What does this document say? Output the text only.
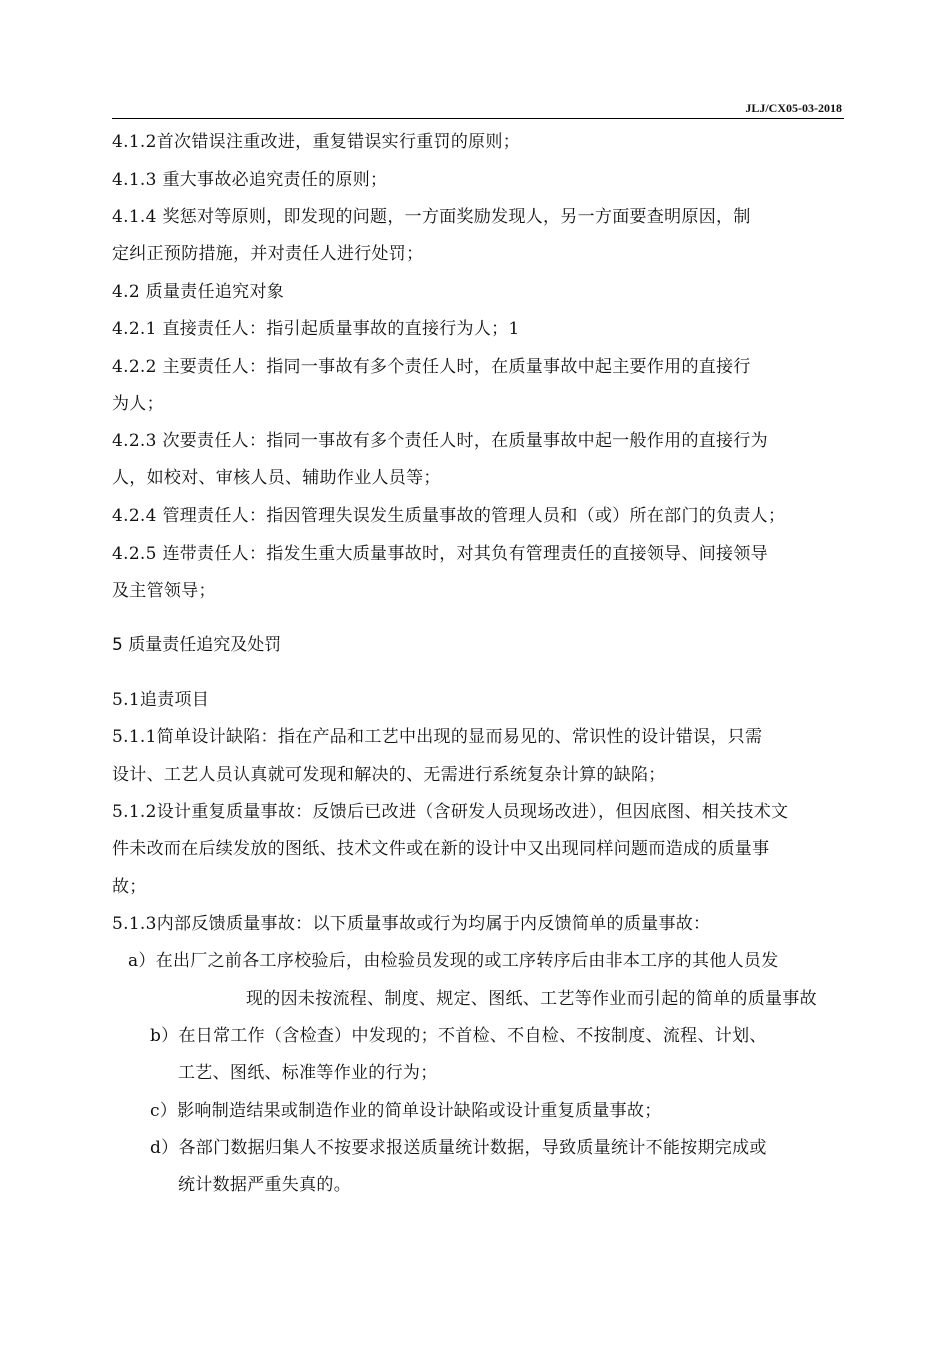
JLJ/CX05-03-2018
4.1.2首次错误注重改进，重复错误实行重罚的原则；
4.1.3 重大事故必追究责任的原则；
4.1.4 奖惩对等原则，即发现的问题，一方面奖励发现人，另一方面要查明原因，制
定纠正预防措施，并对责任人进行处罚；
4.2 质量责任追究对象
4.2.1 直接责任人：指引起质量事故的直接行为人；1
4.2.2 主要责任人：指同一事故有多个责任人时，在质量事故中起主要作用的直接行
为人；
4.2.3 次要责任人：指同一事故有多个责任人时，在质量事故中起一般作用的直接行为
人，如校对、审核人员、辅助作业人员等；
4.2.4 管理责任人：指因管理失误发生质量事故的管理人员和（或）所在部门的负责人；
4.2.5 连带责任人：指发生重大质量事故时，对其负有管理责任的直接领导、间接领导
及主管领导；
5 质量责任追究及处罚
5.1追责项目
5.1.1简单设计缺陷：指在产品和工艺中出现的显而易见的、常识性的设计错误，只需
设计、工艺人员认真就可发现和解决的、无需进行系统复杂计算的缺陷；
5.1.2设计重复质量事故：反馈后已改进（含研发人员现场改进），但因底图、相关技术文
件未改而在后续发放的图纸、技术文件或在新的设计中又出现同样问题而造成的质量事
故；
5.1.3内部反馈质量事故：以下质量事故或行为均属于内反馈简单的质量事故：
a）在出厂之前各工序校验后，由检验员发现的或工序转序后由非本工序的其他人员发
现的因未按流程、制度、规定、图纸、工艺等作业而引起的简单的质量事故
b）在日常工作（含检查）中发现的；不首检、不自检、不按制度、流程、计划、
工艺、图纸、标准等作业的行为；
c）影响制造结果或制造作业的简单设计缺陷或设计重复质量事故；
d）各部门数据归集人不按要求报送质量统计数据，导致质量统计不能按期完成或
统计数据严重失真的。
